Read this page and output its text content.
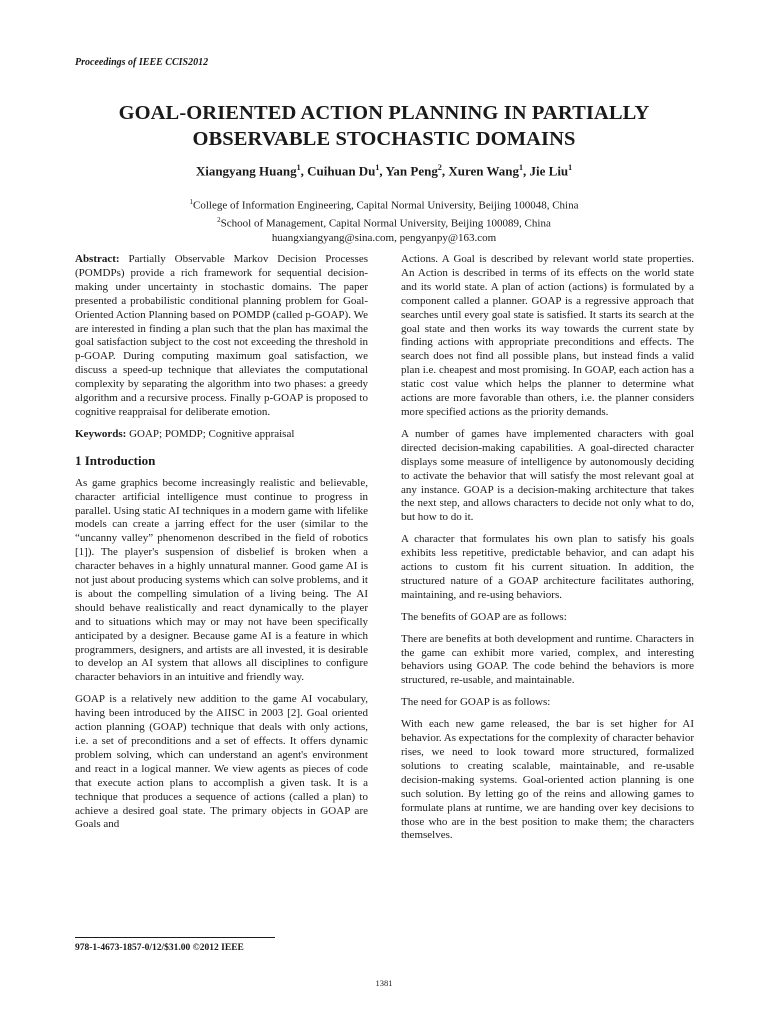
Proceedings of IEEE CCIS2012
GOAL-ORIENTED ACTION PLANNING IN PARTIALLY
OBSERVABLE STOCHASTIC DOMAINS
Xiangyang Huang$^1$, Cuihuan Du$^1$, Yan Peng$^2$, Xuren Wang$^1$, Jie Liu$^1$
$^1$College of Information Engineering, Capital Normal University, Beijing 100048, China
$^2$School of Management, Capital Normal University, Beijing 100089, China
huangxiangyang@sina.com, pengyanpy@163.com

Abstract: Partially Observable Markov Decision Processes (POMDPs) provide a rich framework for sequential decision-making under uncertainty in stochastic domains. The paper presented a probabilistic conditional planning problem for Goal-Oriented Action Planning based on POMDP (called p-GOAP). We are interested in finding a plan such that the plan has maximal the goal satisfaction subject to the cost not exceeding the threshold in p-GOAP. During computing maximum goal satisfaction, we discuss a speed-up technique that alleviates the computational complexity by separating the algorithm into two phases: a greedy algorithm and a recursive process. Finally p-GOAP is proposed to cognitive reappraisal for deliberate emotion.

Keywords: GOAP; POMDP; Cognitive appraisal

1 Introduction

As game graphics become increasingly realistic and believable, character artificial intelligence must continue to progress in parallel. Using static AI techniques in a modern game with lifelike models can create a jarring effect for the user (similar to the “uncanny valley” phenomenon described in the field of robotics [1]). The player's suspension of disbelief is broken when a character behaves in a highly unnatural manner. Good game AI is not just about producing systems which can solve problems, and it is about the compelling simulation of a living being. The AI should behave realistically and react dynamically to the player and to situations which may or may not have been specifically anticipated by a designer. Because game AI is a feature in which programmers, designers, and artists are all invested, it is desirable to develop an AI system that allows all disciplines to configure character behaviors in an intuitive and friendly way.

GOAP is a relatively new addition to the game AI vocabulary, having been introduced by the AIISC in 2003 [2]. Goal oriented action planning (GOAP) technique that deals with only actions, i.e. a set of preconditions and a set of effects. It offers dynamic problem solving, which can understand an agent's environment and react in a logical manner. We view agents as pieces of code that execute action plans to accomplish a given task. It is a technique that produces a sequence of actions (called a plan) to achieve a desired goal state. The primary objects in GOAP are Goals and

Actions. A Goal is described by relevant world state properties. An Action is described in terms of its effects on the world state and its world state. A plan of action (actions) is formulated by a component called a planner. GOAP is a regressive approach that searches until every goal state is satisfied. It starts its search at the goal state and then works its way towards the current state by finding actions with appropriate preconditions and effects. The search does not find all possible plans, but instead finds a valid plan i.e. cheapest and most promising. In GOAP, each action has a static cost value which helps the planner to determine what actions are more favorable than others, i.e. the planner considers more specified actions as the priority demands.

A number of games have implemented characters with goal directed decision-making capabilities. A goal-directed character displays some measure of intelligence by autonomously deciding to activate the behavior that will satisfy the most relevant goal at any instance. GOAP is a decision-making architecture that takes the next step, and allows characters to decide not only what to do, but how to do it.

A character that formulates his own plan to satisfy his goals exhibits less repetitive, predictable behavior, and can adapt his actions to custom fit his current situation. In addition, the structured nature of a GOAP architecture facilitates authoring, maintaining, and re-using behaviors.

The benefits of GOAP are as follows:

There are benefits at both development and runtime. Characters in the game can exhibit more varied, complex, and interesting behaviors using GOAP. The code behind the behaviors is more structured, re-usable, and maintainable.

The need for GOAP is as follows:

With each new game released, the bar is set higher for AI behavior. As expectations for the complexity of character behavior rises, we need to look toward more structured, formalized solutions to creating scalable, maintainable, and re-usable decision-making systems. Goal-oriented action planning is one such solution. By letting go of the reins and allowing games to formulate plans at runtime, we are handing over key decisions to those who are in the best position to make them; the characters themselves.

978-1-4673-1857-0/12/$31.00 ©2012 IEEE
1381
